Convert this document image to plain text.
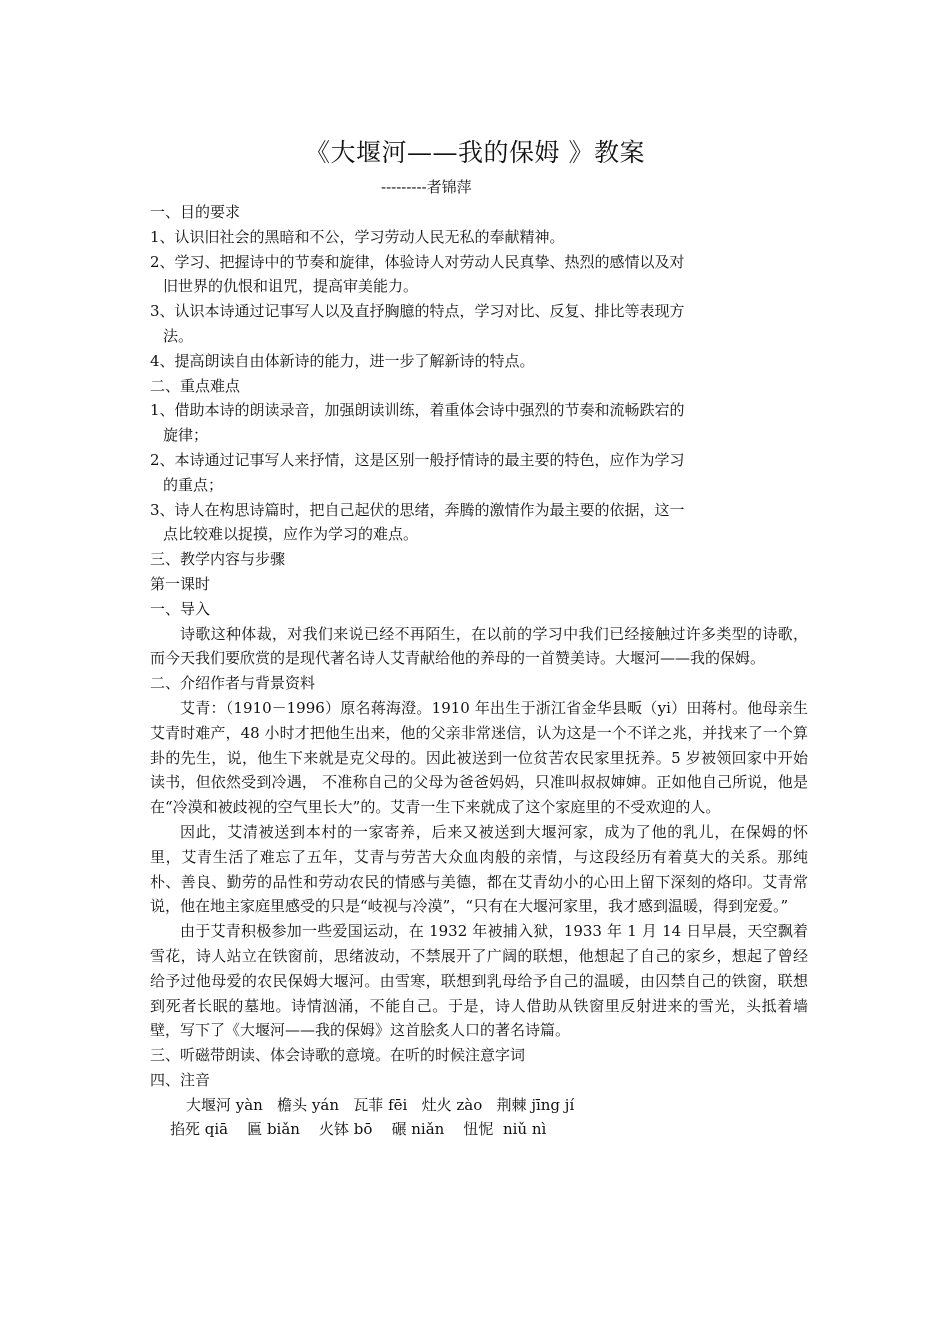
《大堰河——我的保姆 》教案
---------者锦萍
一、目的要求
1、认识旧社会的黑暗和不公，学习劳动人民无私的奉献精神。
2、学习、把握诗中的节奏和旋律，体验诗人对劳动人民真挚、热烈的感情以及对
旧世界的仇恨和诅咒，提高审美能力。
3、认识本诗通过记事写人以及直抒胸臆的特点，学习对比、反复、排比等表现方
法。
4、提高朗读自由体新诗的能力，进一步了解新诗的特点。
二、重点难点
1、借助本诗的朗读录音，加强朗读训练，着重体会诗中强烈的节奏和流畅跌宕的
旋律；
2、本诗通过记事写人来抒情，这是区别一般抒情诗的最主要的特色，应作为学习
的重点；
3、诗人在构思诗篇时，把自己起伏的思绪，奔腾的激情作为最主要的依据，这一
点比较难以捉摸，应作为学习的难点。
三、教学内容与步骤
第一课时
一、导入
诗歌这种体裁，对我们来说已经不再陌生，在以前的学习中我们已经接触过许多类型的诗歌，而今天我们要欣赏的是现代著名诗人艾青献给他的养母的一首赞美诗。大堰河——我的保姆。
二、介绍作者与背景资料
艾青：（1910－1996）原名蒋海澄。1910 年出生于浙江省金华县畈（yi）田蒋村。他母亲生艾青时难产，48 小时才把他生出来，他的父亲非常迷信，认为这是一个不详之兆，并找来了一个算卦的先生，说，他生下来就是克父母的。因此被送到一位贫苦农民家里抚养。5 岁被领回家中开始读书，但依然受到冷遇， 不准称自己的父母为爸爸妈妈，只准叫叔叔婶婶。正如他自己所说，他是在“冷漠和被歧视的空气里长大”的。艾青一生下来就成了这个家庭里的不受欢迎的人。
因此，艾清被送到本村的一家寄养，后来又被送到大堰河家，成为了他的乳儿，在保姆的怀里，艾青生活了难忘了五年，艾青与劳苦大众血肉般的亲情，与这段经历有着莫大的关系。那纯朴、善良、勤劳的品性和劳动农民的情感与美德，都在艾青幼小的心田上留下深刻的烙印。艾青常说，他在地主家庭里感受的只是“岐视与冷漠”，“只有在大堰河家里，我才感到温暖，得到宠爱。”
由于艾青积极参加一些爱国运动，在 1932 年被捕入狱，1933 年 1 月 14 日早晨，天空飘着雪花，诗人站立在铁窗前，思绪波动，不禁展开了广阔的联想，他想起了自己的家乡，想起了曾经给予过他母爱的农民保姆大堰河。由雪寒，联想到乳母给予自己的温暖，由囚禁自己的铁窗，联想到死者长眠的墓地。诗情汹涌，不能自己。于是，诗人借助从铁窗里反射进来的雪光，头抵着墙壁，写下了《大堰河——我的保姆》这首脍炙人口的著名诗篇。
三、听磁带朗读、体会诗歌的意境。在听的时候注意字词
四、注音
大堰河 yàn   檐头 yán   瓦菲 fēi   灶火 zào   荆棘 jīng jí
掐死 qiā    匾 biǎn    火钵 bō    碾 niǎn    忸怩  niǔ nì
